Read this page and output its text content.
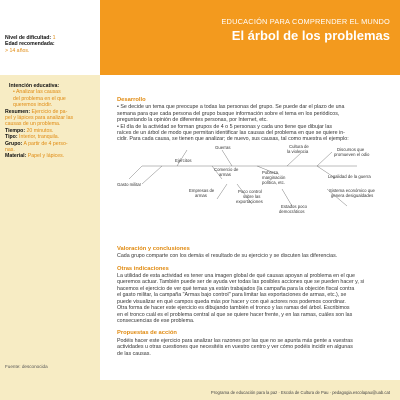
Nivel de dificultad: 1
Edad recomendada:
> 14 años.
Intención educativa:
• Analizar las causas
del problema en el que
queremos incidir.
Resumen: Ejercicio de pa-
pel y lápices para analizar las
causas de un problema.
Tiempo: 20 minutos.
Tipo: Interior, tranquila.
Grupo: A partir de 4 perso-
nas.
Material: Papel y lápices.
Fuente: desconocida
EDUCACIÓN PARA COMPRENDER EL MUNDO
El árbol de los problemas
Desarrollo
• Se decide un tema que preocupe a todas las personas del grupo. Se puede dar el plazo de una
semana para que cada persona del grupo busque información sobre el tema en los periódicos,
preguntando la opinión de diferentes personas, por Internet, etc.
• El día de la actividad se forman grupos de 4 o 5 personas y cada uno tiene que dibujar las
raíces de un árbol de modo que permitan identificar las causas del problema en que se quiere in-
cidir. Para cada causa, se tienen que analizar; de nuevo, sus causas, tal como muestra el ejemplo:
Guerras	Cultura de
la violencia	Discursos que
promueven el odio
Ejércitos
Comercio de
armas	Pobreza,
marginación
política, etc.
Legalidad de la guerra
Gasto militar
Empresas de
armas
Poco control
sobre las
exportaciones
Estados poco
democráticos
Sistema económico que
genera desigualdades
Valoración y conclusiones
Cada grupo comparte con los demás el resultado de su ejercicio y se discuten las diferencias.
Otras indicaciones
La utilidad de esta actividad es tener una imagen global de qué causas apoyan al problema en el que
queremos actuar. También puede ser de ayuda ver todas las posibles acciones que se pueden hacer y, si
hacemos el ejercicio de ver qué temas ya están trabajados (la campaña para la objeción fiscal contra
el gasto militar, la campaña "Armas bajo control" para limitar las exportaciones de armas, etc.), se
puede visualizar en qué campos queda más por hacer y con qué actores nos podemos coordinar.
Otra forma de hacer este ejercicio es dibujando también el tronco y las ramas del árbol. Escribimos
en el tronco cuál es el problema central al que se quiere hacer frente, y en las ramas, cuáles son las
consecuencias de ese problema.
Propuestas de acción
Podéis hacer este ejercicio para analizar las razones por las que no se apunta más gente a vuestras
actividades u otras cuestiones que necesitéis en vuestro centro y ver cómo podéis incidir en algunas
de las causas.
Programa de educación para la paz · Escola de Cultura de Pau · pedagogia.escolapau@uab.cat
